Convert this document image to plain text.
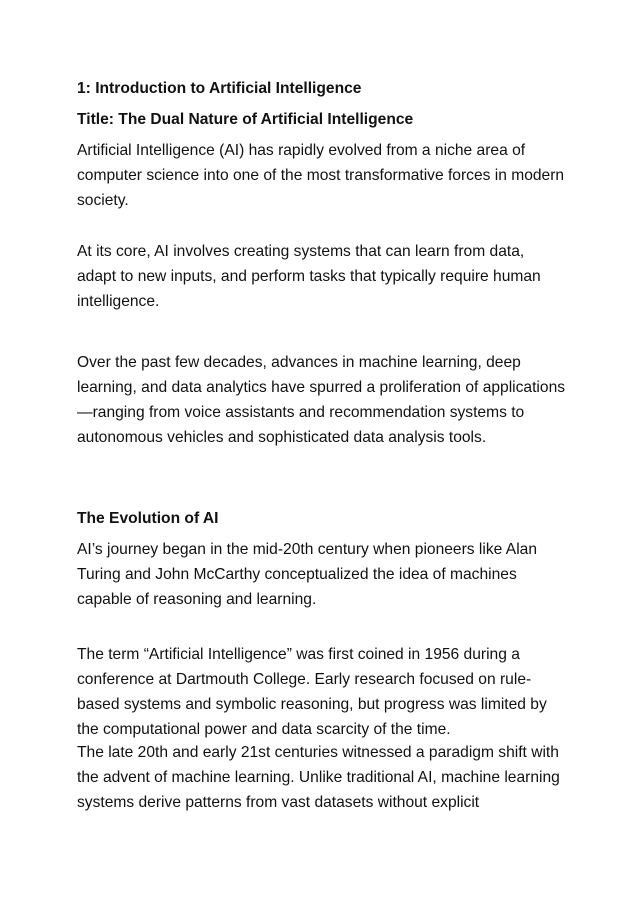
1: Introduction to Artificial Intelligence

Title: The Dual Nature of Artificial Intelligence

Artificial Intelligence (AI) has rapidly evolved from a niche area of computer science into one of the most transformative forces in modern society.

At its core, AI involves creating systems that can learn from data, adapt to new inputs, and perform tasks that typically require human intelligence.

Over the past few decades, advances in machine learning, deep learning, and data analytics have spurred a proliferation of applications—ranging from voice assistants and recommendation systems to autonomous vehicles and sophisticated data analysis tools.

The Evolution of AI

AI’s journey began in the mid-20th century when pioneers like Alan Turing and John McCarthy conceptualized the idea of machines capable of reasoning and learning.

The term “Artificial Intelligence” was first coined in 1956 during a conference at Dartmouth College. Early research focused on rule-based systems and symbolic reasoning, but progress was limited by the computational power and data scarcity of the time.

The late 20th and early 21st centuries witnessed a paradigm shift with the advent of machine learning. Unlike traditional AI, machine learning systems derive patterns from vast datasets without explicit
